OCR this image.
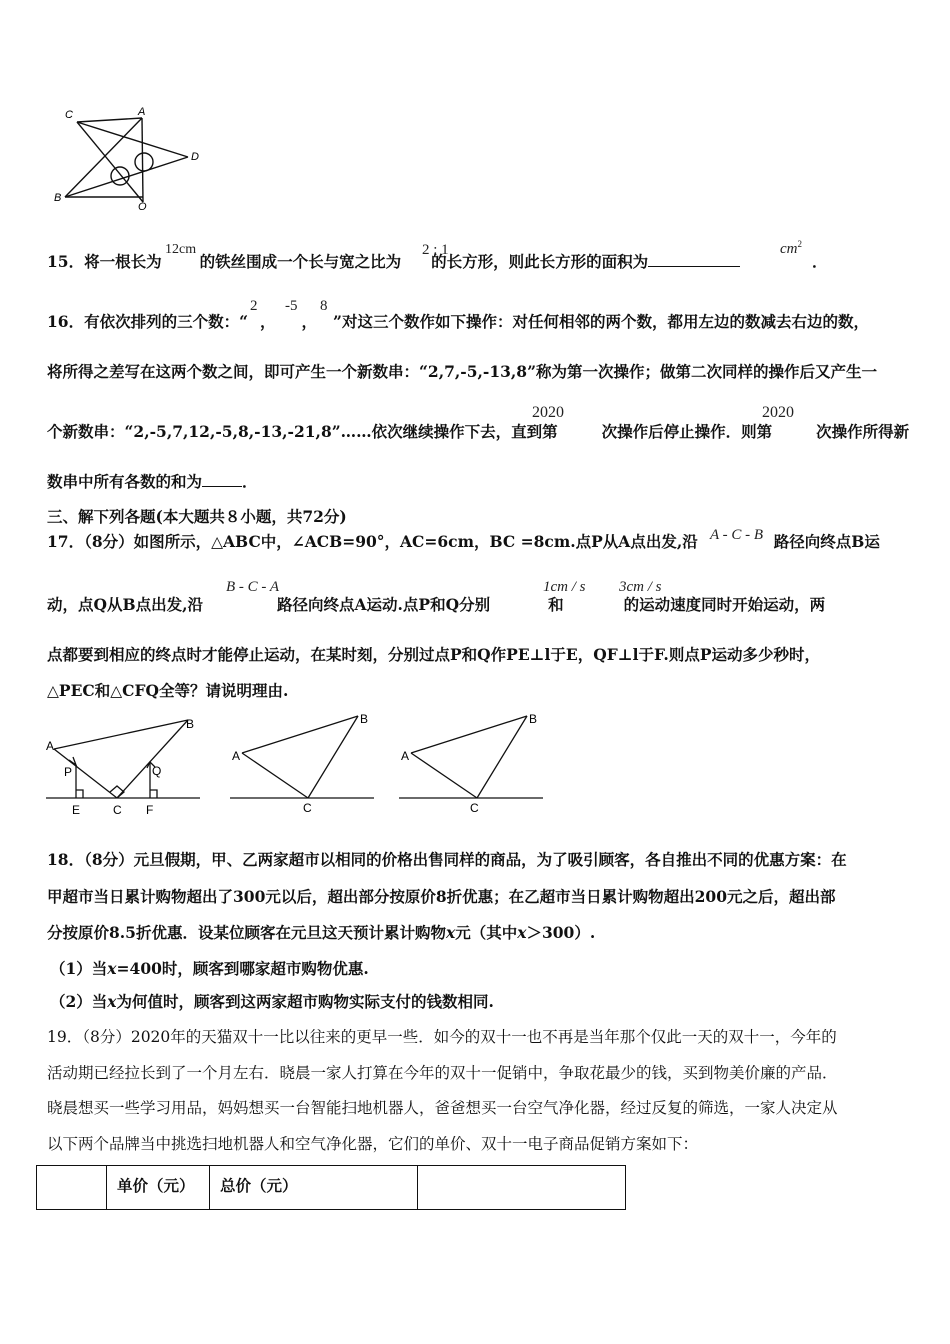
C	A
D
B
O
15．将一根长为 的铁丝围成一个长与宽之比为 的长方形，则此长方形的面积为
12cm	2 : 1	$cm^2$
．
16．有依次排列的三个数：“ ， ， ”对这三个数作如下操作：对任何相邻的两个数，都用左边的数减去右边的数，
2 -5 8
将所得之差写在这两个数之间，即可产生一个新数串：“2,7,-5,-13,8”称为第一次操作；做第二次同样的操作后又产生一
个新数串：“2,-5,7,12,-5,8,-13,-21,8”……依次继续操作下去，直到第	次操作后停止操作．则第	次操作所得新
2020	2020
数串中所有各数的和为	．
三、解下列各题(本大题共８小题，共72分)
17．（8分）如图所示，△ABC中，∠ACB=90°，AC=6cm，BC =8cm.点P从A点出发,沿	路径向终点B运
A - C - B
动，点Q从B点出发,沿	路径向终点A运动.点P和Q分别	和	的运动速度同时开始运动，两
B - C - A	1cm / s 3cm / s
点都要到相应的终点时才能停止运动，在某时刻，分别过点P和Q作PE⊥l于E，QF⊥l于F.则点P运动多少秒时，
△PEC和△CFQ全等？请说明理由.
A
B
P	Q
E	C F
A
B
C
A
B
C
18．（8分）元旦假期，甲、乙两家超市以相同的价格出售同样的商品，为了吸引顾客，各自推出不同的优惠方案：在
甲超市当日累计购物超出了300元以后，超出部分按原价8折优惠；在乙超市当日累计购物超出200元之后，超出部
分按原价8.5折优惠．设某位顾客在元旦这天预计累计购物x元（其中x＞300）.
（1）当x=400时，顾客到哪家超市购物优惠.
（2）当x为何值时，顾客到这两家超市购物实际支付的钱数相同.
19．（8分）2020年的天猫双十一比以往来的更早一些．如今的双十一也不再是当年那个仅此一天的双十一，今年的
活动期已经拉长到了一个月左右．晓晨一家人打算在今年的双十一促销中，争取花最少的钱，买到物美价廉的产品．
晓晨想买一些学习用品，妈妈想买一台智能扫地机器人，爸爸想买一台空气净化器，经过反复的筛选，一家人决定从
以下两个品牌当中挑选扫地机器人和空气净化器，它们的单价、双十一电子商品促销方案如下：
	单价（元）	总价（元）	
